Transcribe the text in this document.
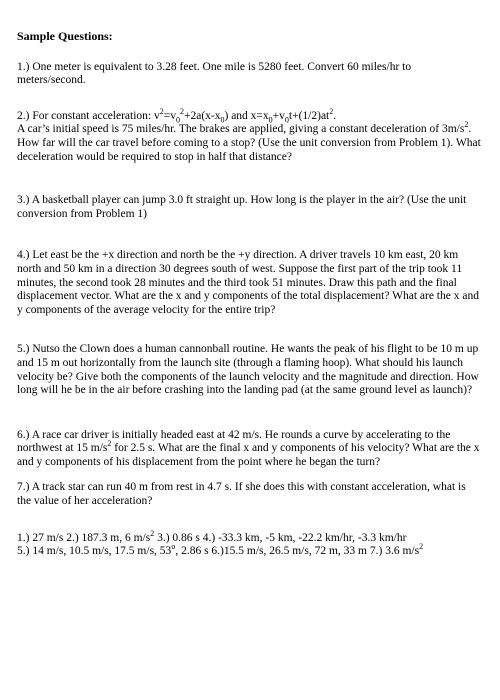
Sample Questions:

1.) One meter is equivalent to 3.28 feet. One mile is 5280 feet. Convert 60 miles/hr to meters/second.

2.) For constant acceleration: $v^2=v_0^2+2a(x-x_0)$ and $x=x_0+v_0t+(1/2)at^2$.
A car’s initial speed is 75 miles/hr. The brakes are applied, giving a constant deceleration of $3m/s^2$. How far will the car travel before coming to a stop? (Use the unit conversion from Problem 1). What deceleration would be required to stop in half that distance?

3.) A basketball player can jump 3.0 ft straight up. How long is the player in the air? (Use the unit conversion from Problem 1)

4.) Let east be the +x direction and north be the +y direction. A driver travels 10 km east, 20 km north and 50 km in a direction 30 degrees south of west. Suppose the first part of the trip took 11 minutes, the second took 28 minutes and the third took 51 minutes. Draw this path and the final displacement vector. What are the x and y components of the total displacement? What are the x and y components of the average velocity for the entire trip?

5.) Nutso the Clown does a human cannonball routine. He wants the peak of his flight to be 10 m up and 15 m out horizontally from the launch site (through a flaming hoop). What should his launch velocity be? Give both the components of the launch velocity and the magnitude and direction. How long will he be in the air before crashing into the landing pad (at the same ground level as launch)?

6.) A race car driver is initially headed east at 42 m/s. He rounds a curve by accelerating to the northwest at 15 $m/s^2$ for 2.5 s. What are the final x and y components of his velocity? What are the x and y components of his displacement from the point where he began the turn?

7.) A track star can run 40 m from rest in 4.7 s. If she does this with constant acceleration, what is the value of her acceleration?

1.) 27 m/s 2.) 187.3 m, 6 $m/s^2$ 3.) 0.86 s 4.) -33.3 km, -5 km, -22.2 km/hr, -3.3 km/hr
5.) 14 m/s, 10.5 m/s, 17.5 m/s, 53$^o$, 2.86 s 6.)15.5 m/s, 26.5 m/s, 72 m, 33 m 7.) 3.6 $m/s^2$
